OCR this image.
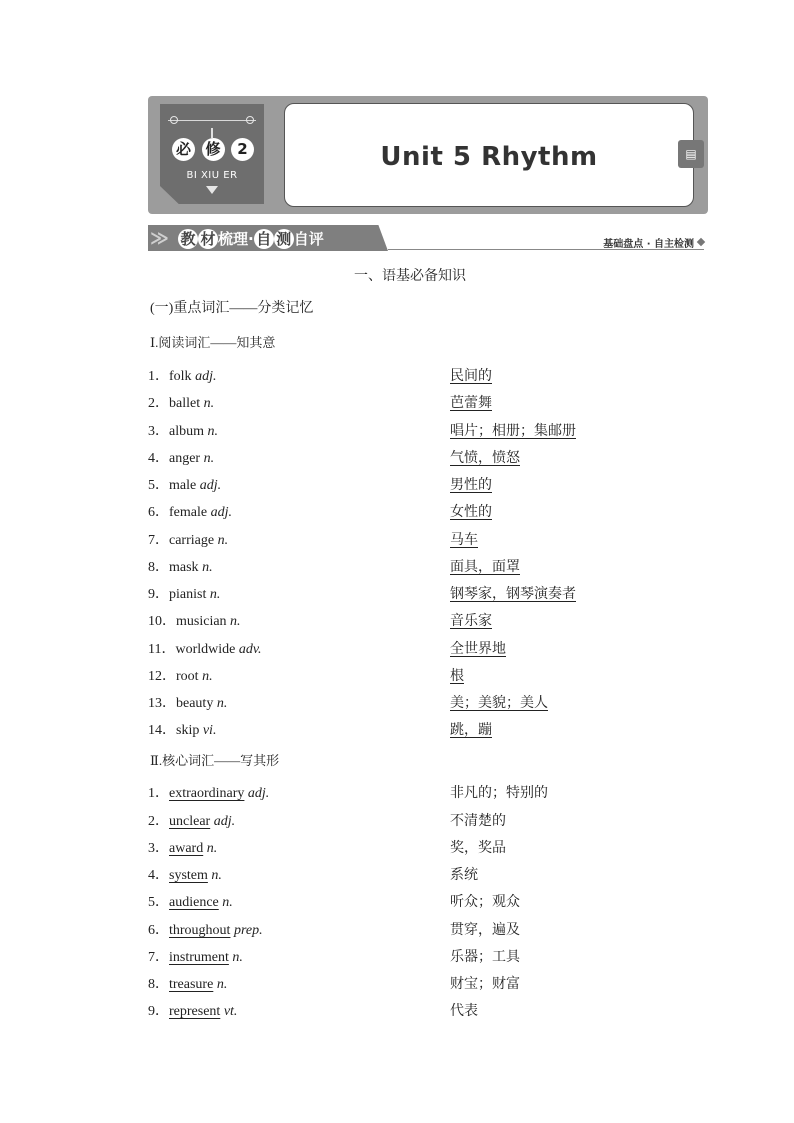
必 修	2
BI XIU ER
Unit 5 Rhythm	▤
≫ 教 材 梳理· 自 测 自评	基础盘点 · 自主检测
一、语基必备知识
(一)重点词汇——分类记忆
Ⅰ.阅读词汇——知其意
1．folk adj.	民间的
2．ballet n.	芭蕾舞
3．album n.	唱片；相册；集邮册
4．anger n.	气愤，愤怒
5．male adj.	男性的
6．female adj.	女性的
7．carriage n.	马车
8．mask n.	面具，面罩
9．pianist n.	钢琴家，钢琴演奏者
10．musician n.	音乐家
11．worldwide adv.	全世界地
12．root n.	根
13．beauty n.	美；美貌；美人
14．skip vi.	跳，蹦
Ⅱ.核心词汇——写其形
1．extraordinary adj.	非凡的；特别的
2．unclear adj.	不清楚的
3．award n.	奖，奖品
4．system n.	系统
5．audience n.	听众；观众
6．throughout prep.	贯穿，遍及
7．instrument n.	乐器；工具
8．treasure n.	财宝；财富
9．represent vt.	代表
